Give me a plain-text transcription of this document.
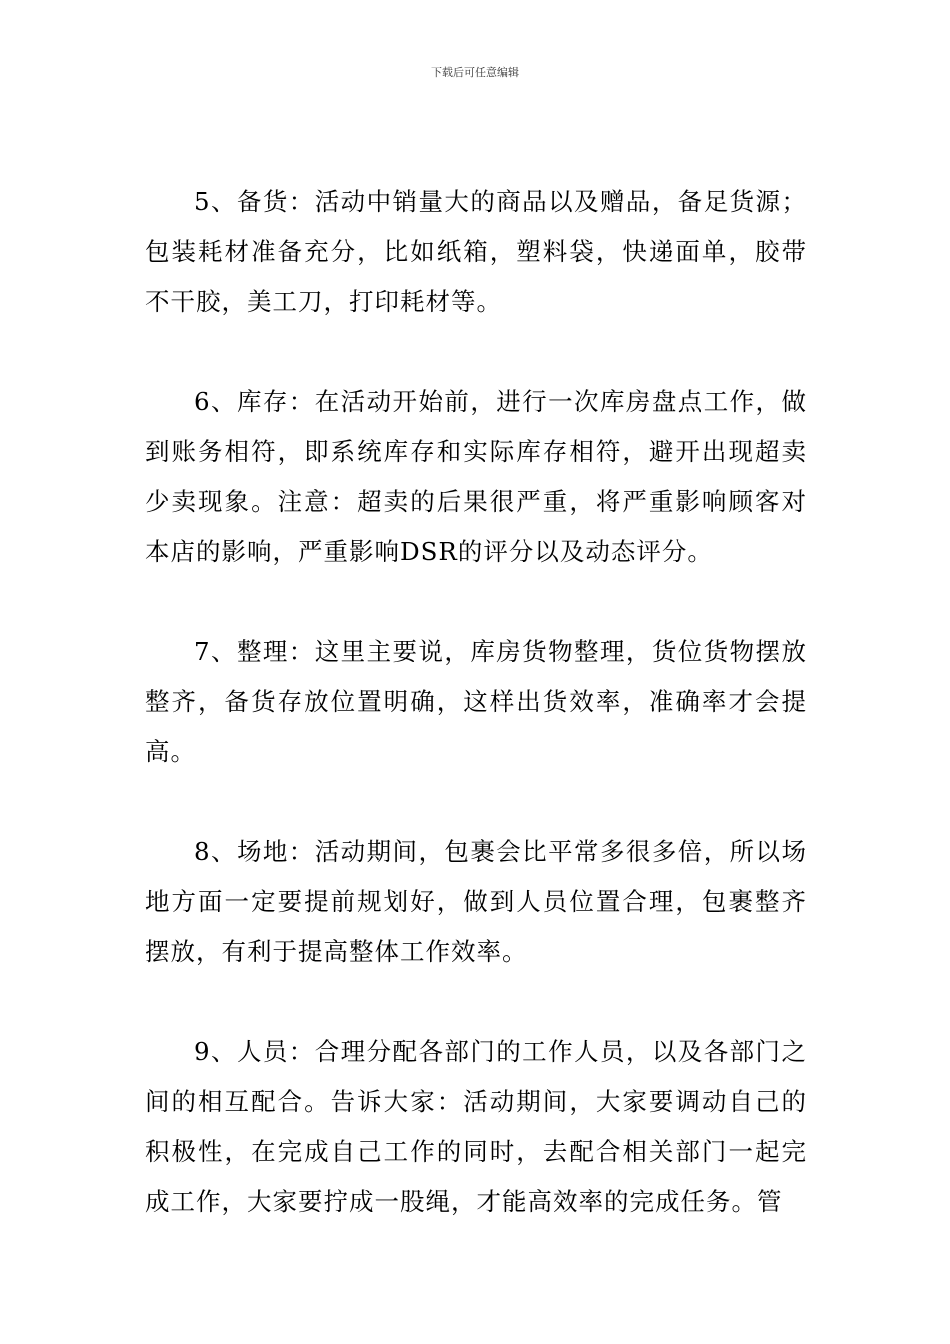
下载后可任意编辑

5、备货：活动中销量大的商品以及赠品，备足货源；包装耗材准备充分，比如纸箱，塑料袋，快递面单，胶带不干胶，美工刀，打印耗材等。

6、库存：在活动开始前，进行一次库房盘点工作，做到账务相符，即系统库存和实际库存相符，避开出现超卖少卖现象。注意：超卖的后果很严重，将严重影响顾客对本店的影响，严重影响DSR的评分以及动态评分。

7、整理：这里主要说，库房货物整理，货位货物摆放整齐，备货存放位置明确，这样出货效率，准确率才会提高。

8、场地：活动期间，包裹会比平常多很多倍，所以场地方面一定要提前规划好，做到人员位置合理，包裹整齐摆放，有利于提高整体工作效率。

9、人员：合理分配各部门的工作人员，以及各部门之间的相互配合。告诉大家：活动期间，大家要调动自己的积极性，在完成自己工作的同时，去配合相关部门一起完成工作，大家要拧成一股绳，才能高效率的完成任务。管
